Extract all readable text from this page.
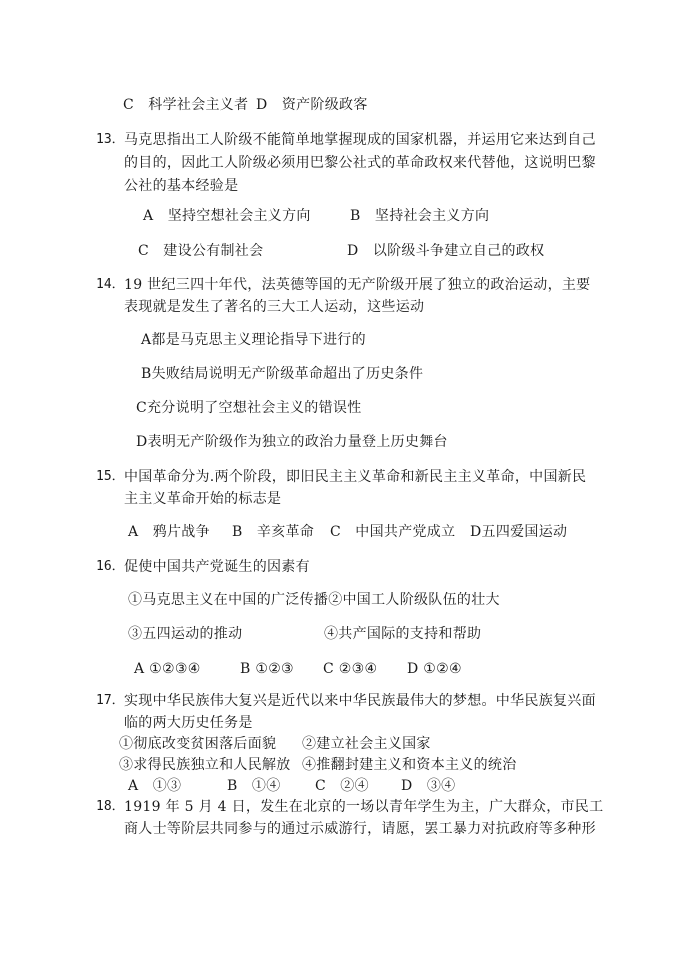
C　科学社会主义者 D　资产阶级政客
13． 马克思指出工人阶级不能简单地掌握现成的国家机器，并运用它来达到自己
的目的，因此工人阶级必须用巴黎公社式的革命政权来代替他，这说明巴黎
公社的基本经验是
A　坚持空想社会主义方向	B　坚持社会主义方向
C　建设公有制社会	D　以阶级斗争建立自己的政权
14． 19 世纪三四十年代，法英德等国的无产阶级开展了独立的政治运动，主要
表现就是发生了著名的三大工人运动，这些运动
A都是马克思主义理论指导下进行的
B失败结局说明无产阶级革命超出了历史条件
C充分说明了空想社会主义的错误性
D表明无产阶级作为独立的政治力量登上历史舞台
15． 中国革命分为.两个阶段，即旧民主主义革命和新民主主义革命，中国新民
主主义革命开始的标志是
A　鸦片战争 B　辛亥革命 C　中国共产党成立 D五四爱国运动
16． 促使中国共产党诞生的因素有
①马克思主义在中国的广泛传播②中国工人阶级队伍的壮大
③五四运动的推动	④共产国际的支持和帮助
A ①②③④	B ①②③ C ②③④ D ①②④
17． 实现中华民族伟大复兴是近代以来中华民族最伟大的梦想。中华民族复兴面
临的两大历史任务是
①彻底改变贫困落后面貌 ②建立社会主义国家
③求得民族独立和人民解放 ④推翻封建主义和资本主义的统治
A　①③	B　①④ C　②④ D　③④
18． 1919 年 5 月 4 日，发生在北京的一场以青年学生为主，广大群众，市民工
商人士等阶层共同参与的通过示威游行，请愿，罢工暴力对抗政府等多种形
